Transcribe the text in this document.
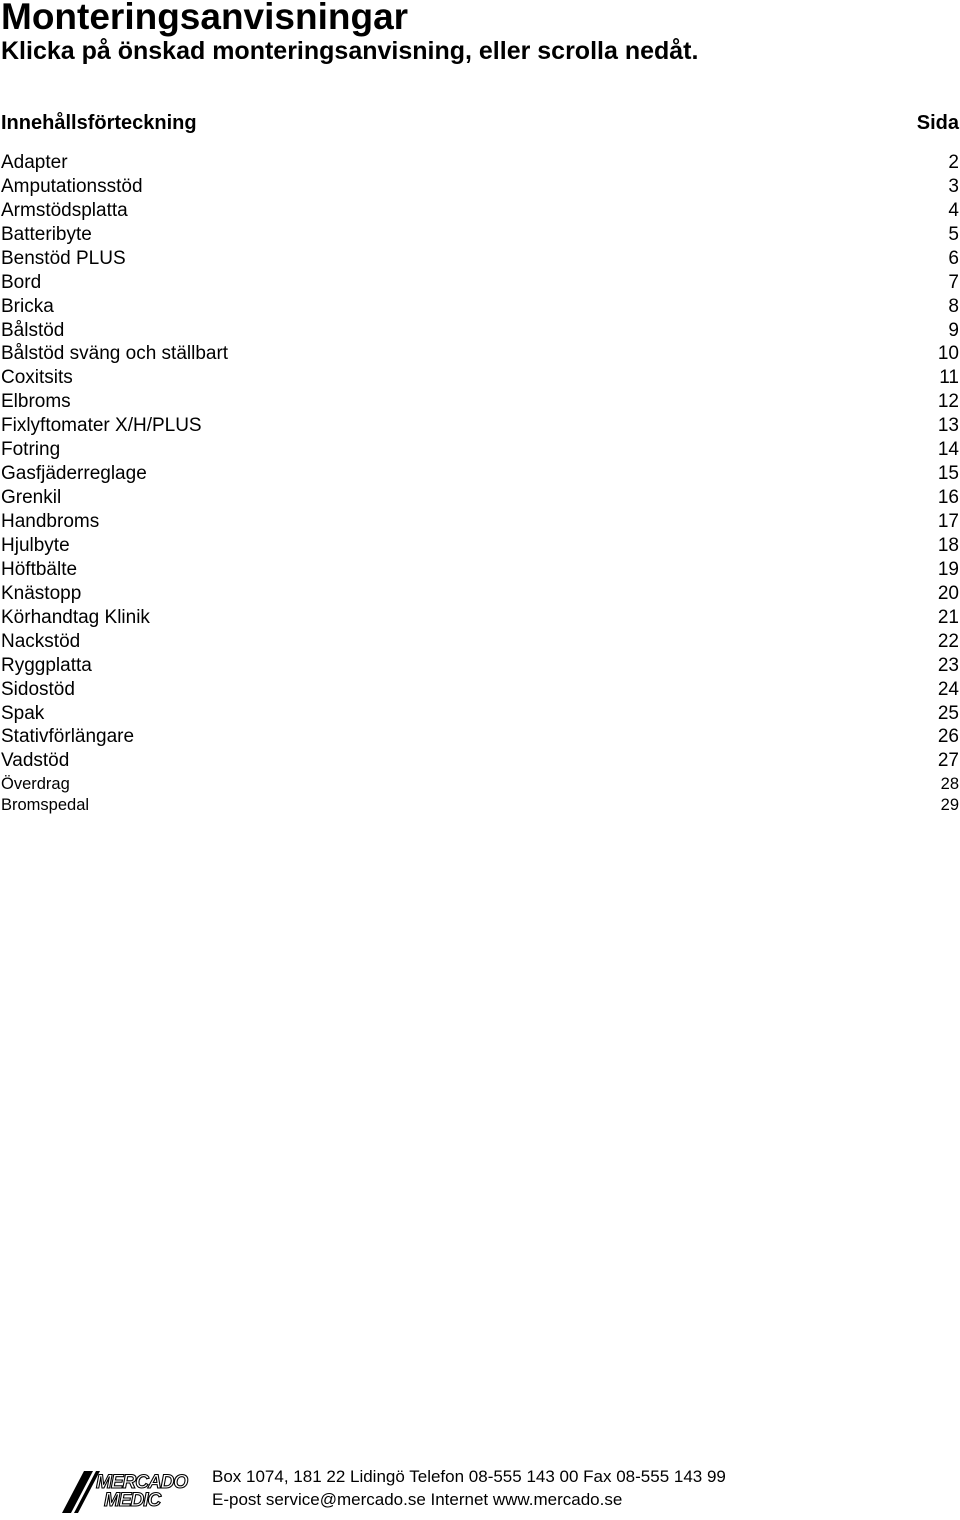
Monteringsanvisningar
Klicka på önskad monteringsanvisning, eller scrolla nedåt.
Innehållsförteckning	Sida
Adapter	2
Amputationsstöd	3
Armstödsplatta	4
Batteribyte	5
Benstöd PLUS	6
Bord	7
Bricka	8
Bålstöd	9
Bålstöd sväng och ställbart	10
Coxitsits	11
Elbroms	12
Fixlyftomater X/H/PLUS	13
Fotring	14
Gasfjäderreglage	15
Grenkil	16
Handbroms	17
Hjulbyte	18
Höftbälte	19
Knästopp	20
Körhandtag Klinik	21
Nackstöd	22
Ryggplatta	23
Sidostöd	24
Spak	25
Stativförlängare	26
Vadstöd	27
Överdrag	28
Bromspedal	29
MERCADO
MEDIC
Box 1074, 181 22 Lidingö Telefon 08-555 143 00 Fax 08-555 143 99
E-post service@mercado.se Internet www.mercado.se
